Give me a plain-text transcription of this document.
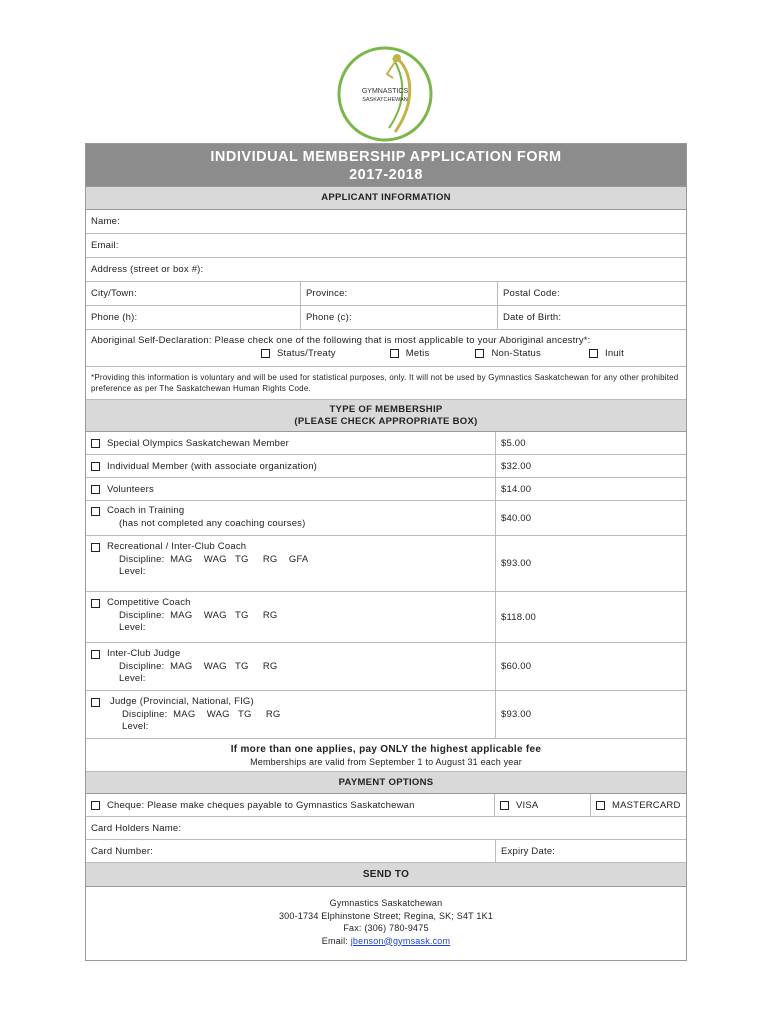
GYMNASTICS
SASKATCHEWAN
INDIVIDUAL MEMBERSHIP APPLICATION FORM
2017-2018
APPLICANT INFORMATION
Name:
Email:
Address (street or box #):
City/Town:	Province:	Postal Code:
Phone (h):	Phone (c):	Date of Birth:
Aboriginal Self-Declaration: Please check one of the following that is most applicable to your Aboriginal ancestry*:
Status/Treaty	Metis	Non-Status	Inuit
*Providing this information is voluntary and will be used for statistical purposes, only. It will not be used by Gymnastics Saskatchewan for any other prohibited preference as per The Saskatchewan Human Rights Code.
TYPE OF MEMBERSHIP
(PLEASE CHECK APPROPRIATE BOX)
Special Olympics Saskatchewan Member	$5.00
Individual Member (with associate organization)	$32.00
Volunteers	$14.00
Coach in Training
(has not completed any coaching courses)	$40.00
Recreational / Inter-Club Coach
Discipline:  MAG    WAG   TG     RG    GFA
Level:
$93.00
Competitive Coach
Discipline:  MAG    WAG   TG     RG
Level:
$118.00
Inter-Club Judge
Discipline:  MAG    WAG   TG     RG
Level:
$60.00
Judge (Provincial, National, FIG)
Discipline:  MAG    WAG   TG     RG
Level:
$93.00
If more than one applies, pay ONLY the highest applicable fee
Memberships are valid from September 1 to August 31 each year
PAYMENT OPTIONS
Cheque: Please make cheques payable to Gymnastics Saskatchewan	VISA	MASTERCARD
Card Holders Name:
Card Number:	Expiry Date:
SEND TO
Gymnastics Saskatchewan
300-1734 Elphinstone Street; Regina, SK; S4T 1K1
Fax: (306) 780-9475
Email: jbenson@gymsask.com
